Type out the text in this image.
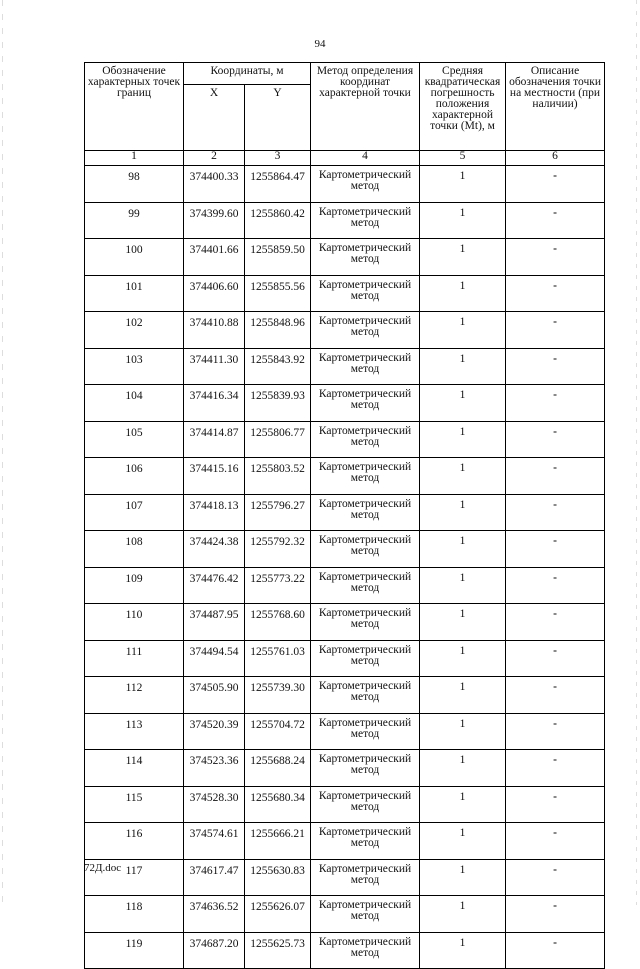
94
Обозначение характерных точек границ	Координаты, м		Метод определения координат характерной точки	Средняя квадратическая погрешность положения характерной точки (Mt), м	Описание обозначения точки на местности (при наличии)
	X	Y			
1	2	3	4	5	6
98	374400.33	1255864.47	Картометрический метод	1	-
99	374399.60	1255860.42	Картометрический метод	1	-
100	374401.66	1255859.50	Картометрический метод	1	-
101	374406.60	1255855.56	Картометрический метод	1	-
102	374410.88	1255848.96	Картометрический метод	1	-
103	374411.30	1255843.92	Картометрический метод	1	-
104	374416.34	1255839.93	Картометрический метод	1	-
105	374414.87	1255806.77	Картометрический метод	1	-
106	374415.16	1255803.52	Картометрический метод	1	-
107	374418.13	1255796.27	Картометрический метод	1	-
108	374424.38	1255792.32	Картометрический метод	1	-
109	374476.42	1255773.22	Картометрический метод	1	-
110	374487.95	1255768.60	Картометрический метод	1	-
111	374494.54	1255761.03	Картометрический метод	1	-
112	374505.90	1255739.30	Картометрический метод	1	-
113	374520.39	1255704.72	Картометрический метод	1	-
114	374523.36	1255688.24	Картометрический метод	1	-
115	374528.30	1255680.34	Картометрический метод	1	-
116	374574.61	1255666.21	Картометрический метод	1	-
117	374617.47	1255630.83	Картометрический метод	1	-
118	374636.52	1255626.07	Картометрический метод	1	-
119	374687.20	1255625.73	Картометрический метод	1	-
72Д.doc
